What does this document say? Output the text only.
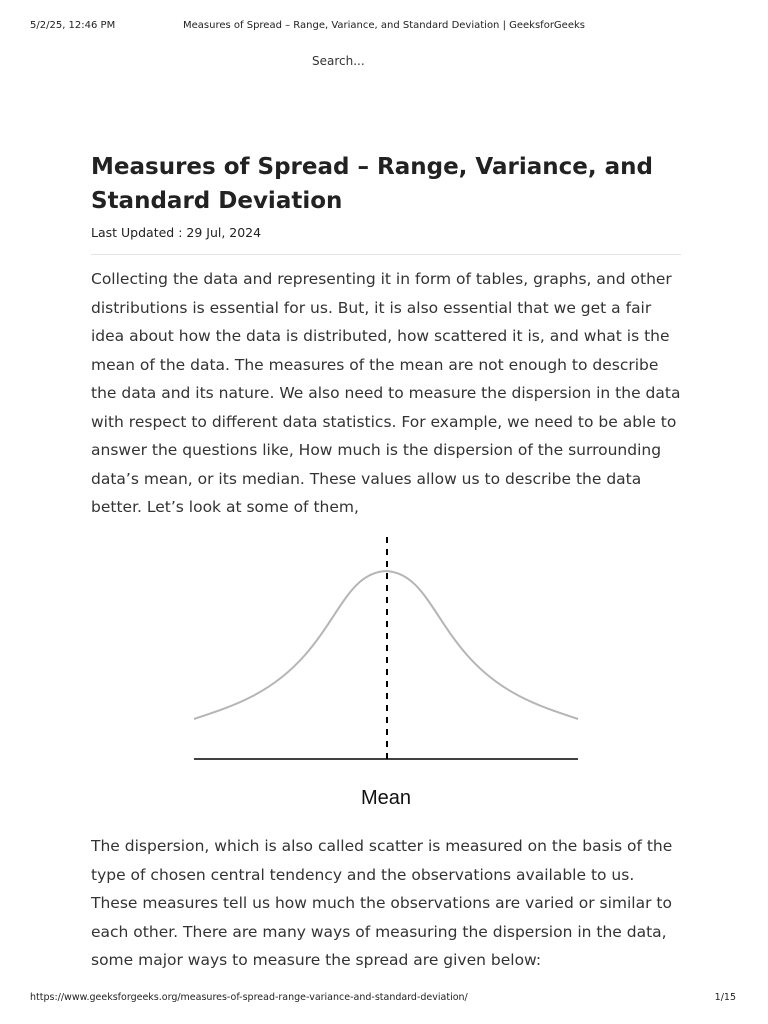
5/2/25, 12:46 PM	Measures of Spread – Range, Variance, and Standard Deviation | GeeksforGeeks
Search...
Measures of Spread – Range, Variance, and Standard Deviation
Last Updated : 29 Jul, 2024

Collecting the data and representing it in form of tables, graphs, and other distributions is essential for us. But, it is also essential that we get a fair idea about how the data is distributed, how scattered it is, and what is the mean of the data. The measures of the mean are not enough to describe the data and its nature. We also need to measure the dispersion in the data with respect to different data statistics. For example, we need to be able to answer the questions like, How much is the dispersion of the surrounding data’s mean, or its median. These values allow us to describe the data better. Let’s look at some of them,

Mean

The dispersion, which is also called scatter is measured on the basis of the type of chosen central tendency and the observations available to us. These measures tell us how much the observations are varied or similar to each other. There are many ways of measuring the dispersion in the data, some major ways to measure the spread are given below:

https://www.geeksforgeeks.org/measures-of-spread-range-variance-and-standard-deviation/	1/15
